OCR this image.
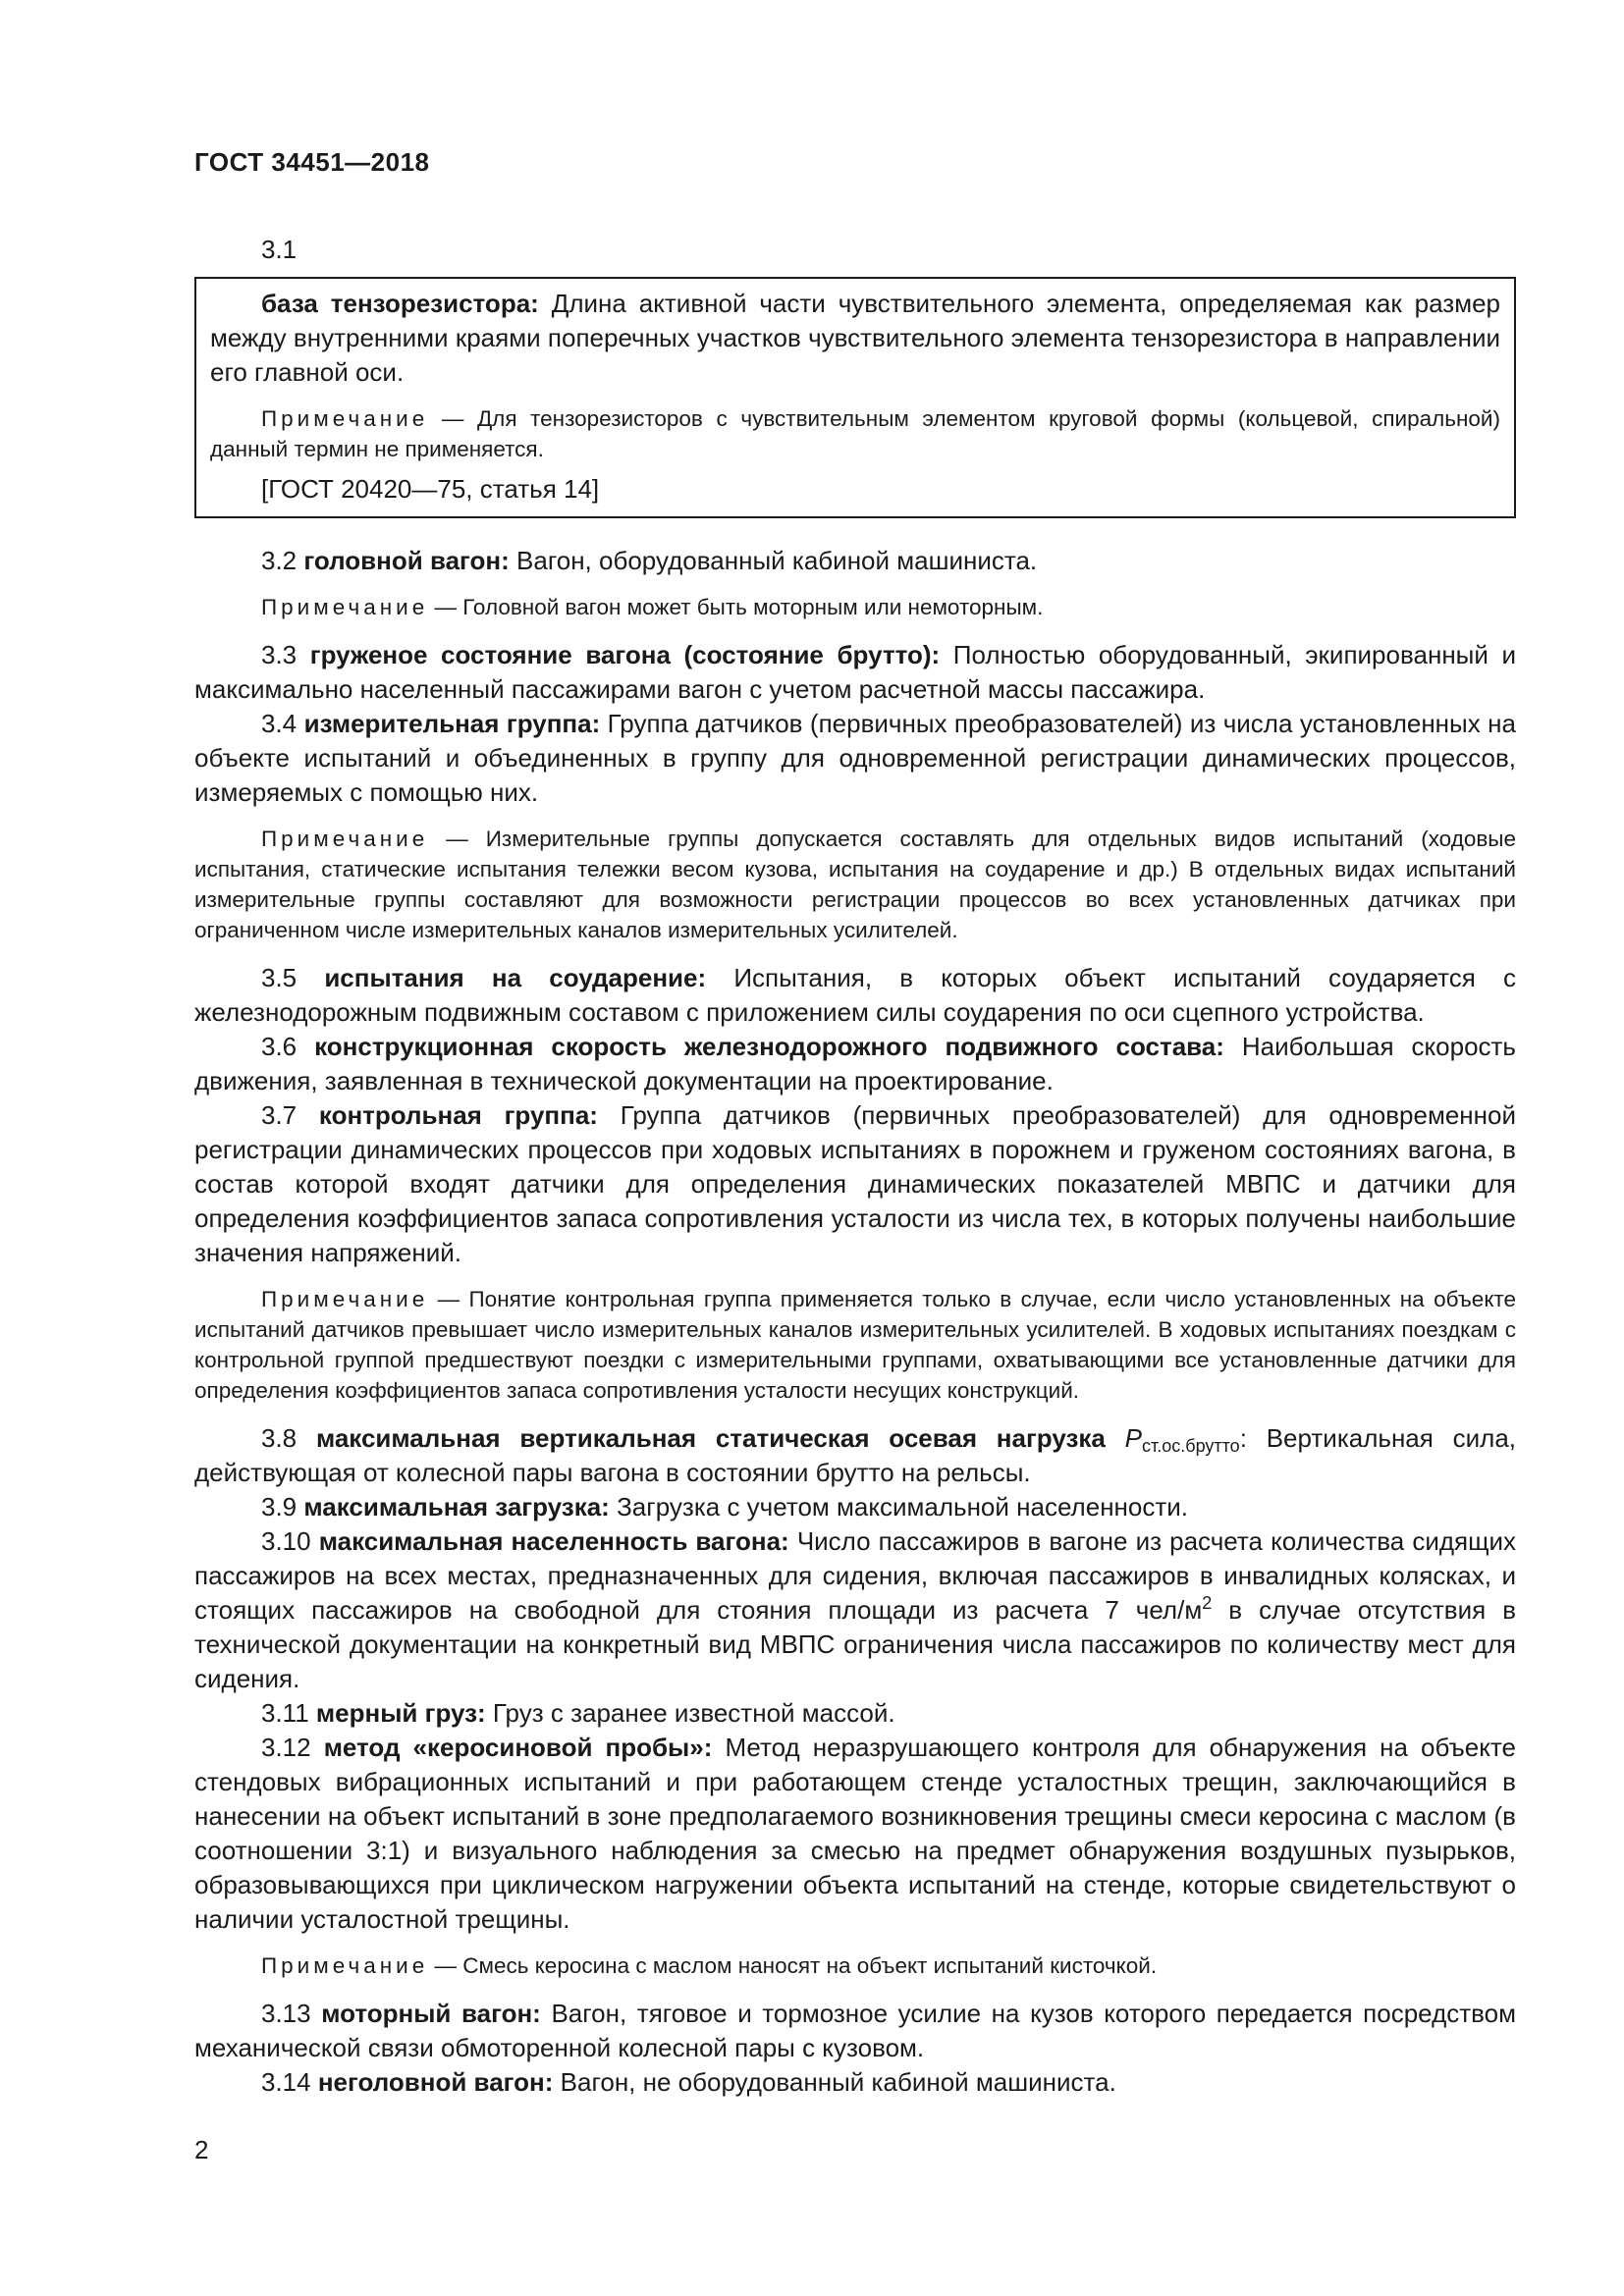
ГОСТ 34451—2018
3.1

база тензорезистора: Длина активной части чувствительного элемента, определяемая как размер между внутренними краями поперечных участков чувствительного элемента тензорезистора в направлении его главной оси.

Примечание — Для тензорезисторов с чувствительным элементом круговой формы (кольцевой, спиральной) данный термин не применяется.

[ГОСТ 20420—75, статья 14]

3.2 головной вагон: Вагон, оборудованный кабиной машиниста.

Примечание — Головной вагон может быть моторным или немоторным.

3.3 груженое состояние вагона (состояние брутто): Полностью оборудованный, экипированный и максимально населенный пассажирами вагон с учетом расчетной массы пассажира.

3.4 измерительная группа: Группа датчиков (первичных преобразователей) из числа установленных на объекте испытаний и объединенных в группу для одновременной регистрации динамических процессов, измеряемых с помощью них.

Примечание — Измерительные группы допускается составлять для отдельных видов испытаний (ходовые испытания, статические испытания тележки весом кузова, испытания на соударение и др.) В отдельных видах испытаний измерительные группы составляют для возможности регистрации процессов во всех установленных датчиках при ограниченном числе измерительных каналов измерительных усилителей.

3.5 испытания на соударение: Испытания, в которых объект испытаний соударяется с железнодорожным подвижным составом с приложением силы соударения по оси сцепного устройства.

3.6 конструкционная скорость железнодорожного подвижного состава: Наибольшая скорость движения, заявленная в технической документации на проектирование.

3.7 контрольная группа: Группа датчиков (первичных преобразователей) для одновременной регистрации динамических процессов при ходовых испытаниях в порожнем и груженом состояниях вагона, в состав которой входят датчики для определения динамических показателей МВПС и датчики для определения коэффициентов запаса сопротивления усталости из числа тех, в которых получены наибольшие значения напряжений.

Примечание — Понятие контрольная группа применяется только в случае, если число установленных на объекте испытаний датчиков превышает число измерительных каналов измерительных усилителей. В ходовых испытаниях поездкам с контрольной группой предшествуют поездки с измерительными группами, охватывающими все установленные датчики для определения коэффициентов запаса сопротивления усталости несущих конструкций.

3.8 максимальная вертикальная статическая осевая нагрузка $P_{ст.ос.брутто}$: Вертикальная сила, действующая от колесной пары вагона в состоянии брутто на рельсы.

3.9 максимальная загрузка: Загрузка с учетом максимальной населенности.

3.10 максимальная населенность вагона: Число пассажиров в вагоне из расчета количества сидящих пассажиров на всех местах, предназначенных для сидения, включая пассажиров в инвалидных колясках, и стоящих пассажиров на свободной для стояния площади из расчета 7 чел/$м^2$ в случае отсутствия в технической документации на конкретный вид МВПС ограничения числа пассажиров по количеству мест для сидения.

3.11 мерный груз: Груз с заранее известной массой.

3.12 метод «керосиновой пробы»: Метод неразрушающего контроля для обнаружения на объекте стендовых вибрационных испытаний и при работающем стенде усталостных трещин, заключающийся в нанесении на объект испытаний в зоне предполагаемого возникновения трещины смеси керосина с маслом (в соотношении 3:1) и визуального наблюдения за смесью на предмет обнаружения воздушных пузырьков, образовывающихся при циклическом нагружении объекта испытаний на стенде, которые свидетельствуют о наличии усталостной трещины.

Примечание — Смесь керосина с маслом наносят на объект испытаний кисточкой.

3.13 моторный вагон: Вагон, тяговое и тормозное усилие на кузов которого передается посредством механической связи обмоторенной колесной пары с кузовом.

3.14 неголовной вагон: Вагон, не оборудованный кабиной машиниста.

2
